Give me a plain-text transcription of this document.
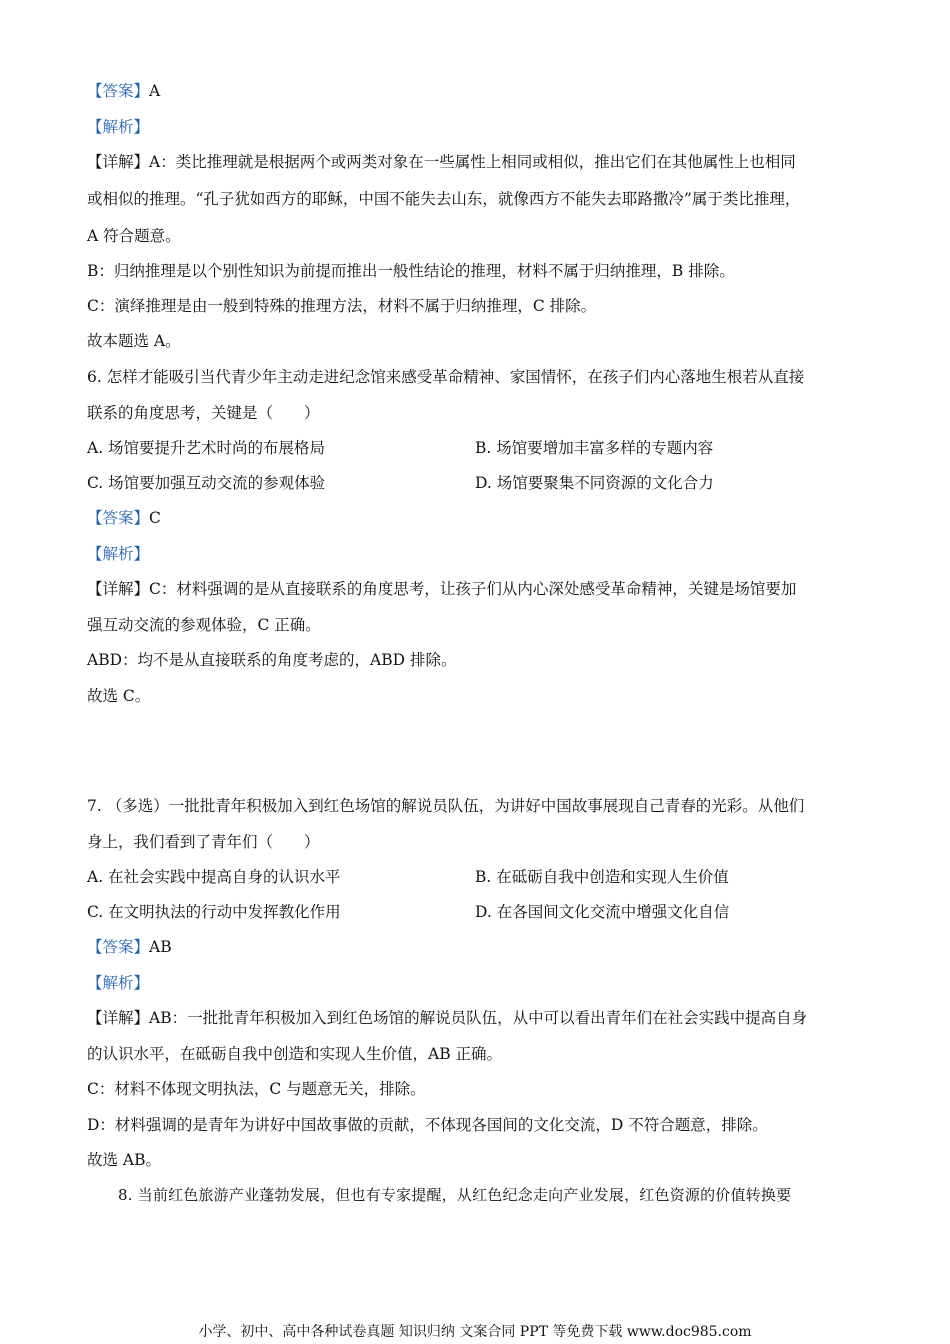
【答案】A
【解析】
【详解】A：类比推理就是根据两个或两类对象在一些属性上相同或相似，推出它们在其他属性上也相同
或相似的推理。“孔子犹如西方的耶稣，中国不能失去山东，就像西方不能失去耶路撒冷”属于类比推理，
A 符合题意。
B：归纳推理是以个别性知识为前提而推出一般性结论的推理，材料不属于归纳推理，B 排除。
C：演绎推理是由一般到特殊的推理方法，材料不属于归纳推理，C 排除。
故本题选 A。
6. 怎样才能吸引当代青少年主动走进纪念馆来感受革命精神、家国情怀，在孩子们内心落地生根若从直接
联系的角度思考，关键是（　　）
A. 场馆要提升艺术时尚的布展格局	B. 场馆要增加丰富多样的专题内容
C. 场馆要加强互动交流的参观体验	D. 场馆要聚集不同资源的文化合力
【答案】C
【解析】
【详解】C：材料强调的是从直接联系的角度思考，让孩子们从内心深处感受革命精神，关键是场馆要加
强互动交流的参观体验，C 正确。
ABD：均不是从直接联系的角度考虑的，ABD 排除。
故选 C。
7. （多选）一批批青年积极加入到红色场馆的解说员队伍，为讲好中国故事展现自己青春的光彩。从他们
身上，我们看到了青年们（　　）
A. 在社会实践中提高自身的认识水平	B. 在砥砺自我中创造和实现人生价值
C. 在文明执法的行动中发挥教化作用	D. 在各国间文化交流中增强文化自信
【答案】AB
【解析】
【详解】AB：一批批青年积极加入到红色场馆的解说员队伍，从中可以看出青年们在社会实践中提高自身
的认识水平，在砥砺自我中创造和实现人生价值，AB 正确。
C：材料不体现文明执法，C 与题意无关，排除。
D：材料强调的是青年为讲好中国故事做的贡献，不体现各国间的文化交流，D 不符合题意，排除。
故选 AB。
8. 当前红色旅游产业蓬勃发展，但也有专家提醒，从红色纪念走向产业发展，红色资源的价值转换要
小学、初中、高中各种试卷真题 知识归纳 文案合同 PPT 等免费下载 www.doc985.com
